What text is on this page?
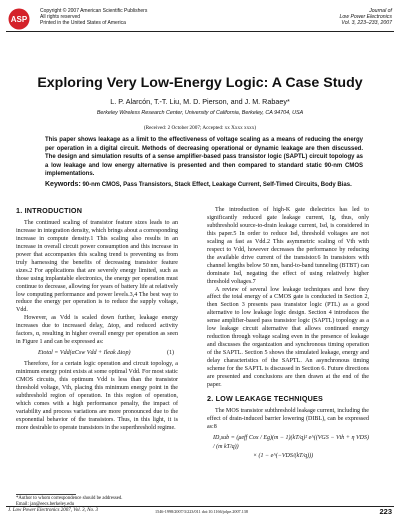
ASP
Copyright © 2007 American Scientific Publishers
All rights reserved
Printed in the United States of America
Journal of
Low Power Electronics
Vol. 3, 223–233, 2007
Exploring Very Low-Energy Logic: A Case Study
L. P. Alarcón, T.-T. Liu, M. D. Pierson, and J. M. Rabaey*
Berkeley Wireless Research Center, University of California, Berkeley, CA 94704, USA
(Received: 2 October 2007; Accepted: xx Xxxx xxxx)
This paper shows leakage as a limit to the effectiveness of voltage scaling as a means of reducing the energy per operation in a digital circuit. Methods of decreasing operational or dynamic leakage are then discussed. The design and simulation results of a sense amplifier-based pass transistor logic (SAPTL) circuit topology as a low leakage and low energy alternative is presented and then compared to standard static 90-nm CMOS implementations.
Keywords: 90-nm CMOS, Pass Transistors, Stack Effect, Leakage Current, Self-Timed Circuits, Body Bias.
1. INTRODUCTION

The continued scaling of transistor feature sizes leads to an increase in integration density, which brings about a corresponding increase in compute density.1 This scaling also results in an increase in overall circuit power consumption and this increase in power that accompanies this scaling trend is preventing us from truly harnessing the benefits of decreasing transistor feature sizes.2 For applications that are severely energy limited, such as those using implantable electronics, the energy per operation must continue to decrease, allowing for years of battery life at relatively low computing performance and power levels.3,4 The best way to reduce the energy per operation is to reduce the supply voltage, Vdd.

However, as Vdd is scaled down further, leakage energy increases due to increased delay, Δtop, and reduced activity factors, α, resulting in higher overall energy per operation as seen in Figure 1 and can be expressed as:

Etotal = Vdd(αCsw Vdd + Ileak Δtop)	(1)

Therefore, for a certain logic operation and circuit topology, a minimum energy point exists at some optimal Vdd. For most static CMOS circuits, this optimum Vdd is less than the transistor threshold voltage, Vth, placing this minimum energy point in the subthreshold region of operation. In this region of operation, which comes with a high performance penalty, the impact of variability and process variations are more pronounced due to the exponential behavior of the transistors. Thus, in this light, it is more desirable to operate transistors in the superthreshold regime.

The introduction of high-K gate dielectrics has led to significantly reduced gate leakage current, Ig, thus, only subthreshold source-to-drain leakage current, Isd, is considered in this paper.5 In order to reduce Isd, threshold voltages are not scaling as fast as Vdd.2 This asymmetric scaling of Vth with respect to Vdd, however decreases the performance by reducing the available drive current of the transistor.6 In transistors with channel lengths below 50 nm, band-to-band tunneling (BTBT) can dominate Isd, negating the effect of using relatively higher threshold voltages.7

A review of several low leakage techniques and how they affect the total energy of a CMOS gate is conducted in Section 2, then Section 3 presents pass transistor logic (PTL) as a good alternative to low leakage logic design. Section 4 introduces the sense amplifier-based pass transistor logic (SAPTL) topology as a low leakage circuit alternative that allows continued energy reduction through voltage scaling even in the presence of leakage and discusses the organization and synchronous timing operation of the SAPTL. Section 5 shows the simulated leakage, energy and delay characteristics of the SAPTL. An asynchronous timing scheme for the SAPTL is discussed in Section 6. Future directions are presented and conclusions are then drawn at the end of the paper.

2. LOW LEAKAGE TECHNIQUES

The MOS transistor subthreshold leakage current, including the effect of drain-induced barrier lowering (DIBL), can be expressed as:8

ID,sub = (μeff Cox / Eg)(m − 1)(kT/q)² e^((VGS − Vth + η VDS) / (m kT/q))
× (1 − e^(−VDS/(kT/q)))
*Author to whom correspondence should be addressed.
Email: jan@eecs.berkeley.edu
J. Low Power Electronics 2007, Vol. 3, No. 3	1546-1998/2007/3/223/011 doi:10.1166/jolpe.2007.138	223
